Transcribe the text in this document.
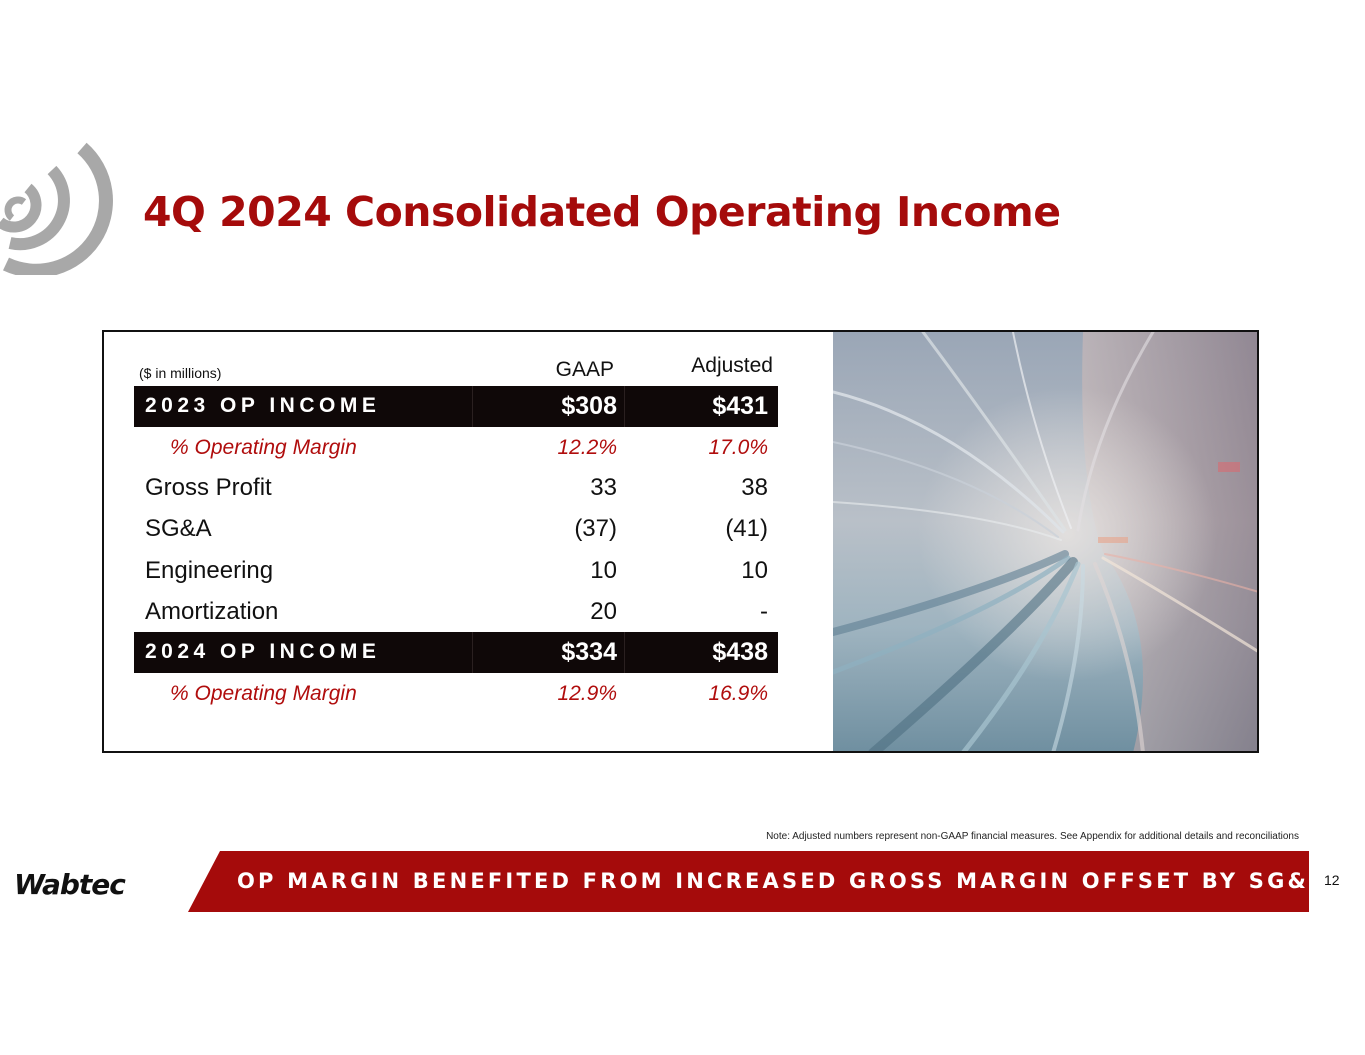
4Q 2024 Consolidated Operating Income
($ in millions)	GAAP	Adjusted
2023 OP INCOME	$308	$431
% Operating Margin	12.2%	17.0%
Gross Profit	33	38
SG&A	(37)	(41)
Engineering	10	10
Amortization	20	-
2024 OP INCOME	$334	$438
% Operating Margin	12.9%	16.9%
Note: Adjusted numbers represent non-GAAP financial measures. See Appendix for additional details and reconciliations
Wabtec	OP MARGIN BENEFITED FROM INCREASED GROSS MARGIN OFFSET BY SG&A
12
